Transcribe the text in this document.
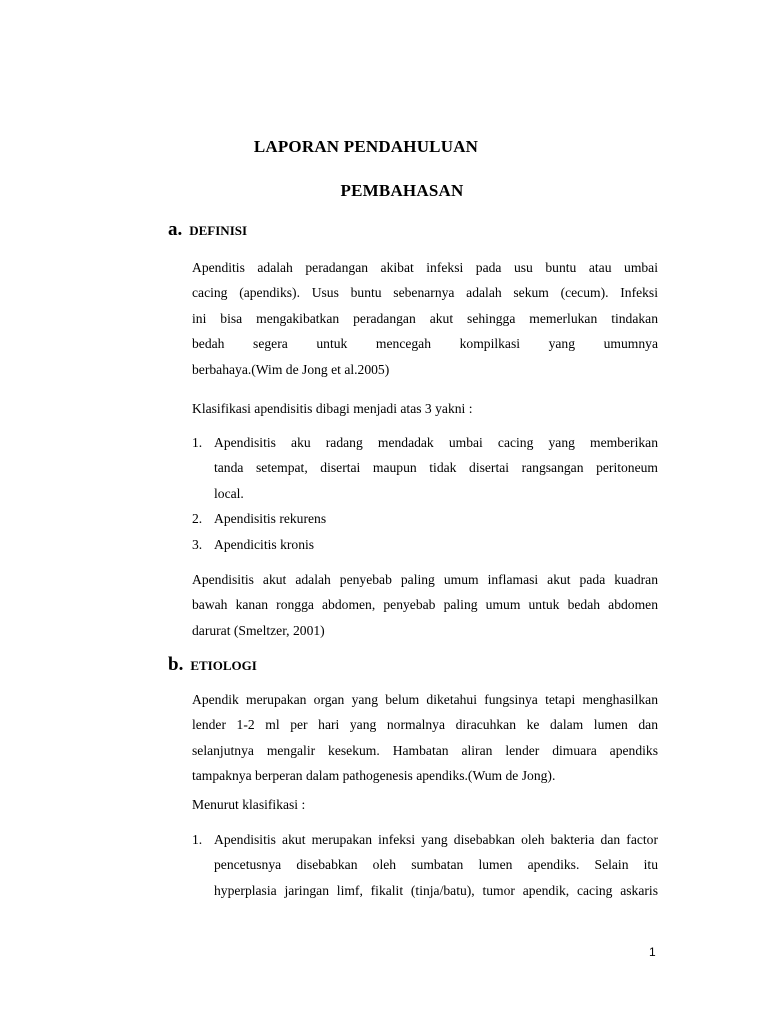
LAPORAN PENDAHULUAN
PEMBAHASAN
a. DEFINISI
Apenditis adalah peradangan akibat infeksi pada usu buntu atau umbai
cacing (apendiks). Usus buntu sebenarnya adalah sekum (cecum). Infeksi
ini bisa mengakibatkan peradangan akut sehingga memerlukan tindakan
bedah segera untuk mencegah kompilkasi yang umumnya
berbahaya.(Wim de Jong et al.2005)
Klasifikasi apendisitis dibagi menjadi atas 3 yakni :
1. Apendisitis aku radang mendadak umbai cacing yang memberikan
tanda setempat, disertai maupun tidak disertai rangsangan peritoneum
local.
2. Apendisitis rekurens
3. Apendicitis kronis
Apendisitis akut adalah penyebab paling umum inflamasi akut pada kuadran
bawah kanan rongga abdomen, penyebab paling umum untuk bedah abdomen
darurat (Smeltzer, 2001)
b. ETIOLOGI
Apendik merupakan organ yang belum diketahui fungsinya tetapi menghasilkan
lender 1-2 ml per hari yang normalnya diracuhkan ke dalam lumen dan
selanjutnya mengalir kesekum. Hambatan aliran lender dimuara apendiks
tampaknya berperan dalam pathogenesis apendiks.(Wum de Jong).
Menurut klasifikasi :
1. Apendisitis akut merupakan infeksi yang disebabkan oleh bakteria dan factor
pencetusnya disebabkan oleh sumbatan lumen apendiks. Selain itu
hyperplasia jaringan limf, fikalit (tinja/batu), tumor apendik, cacing askaris
1
